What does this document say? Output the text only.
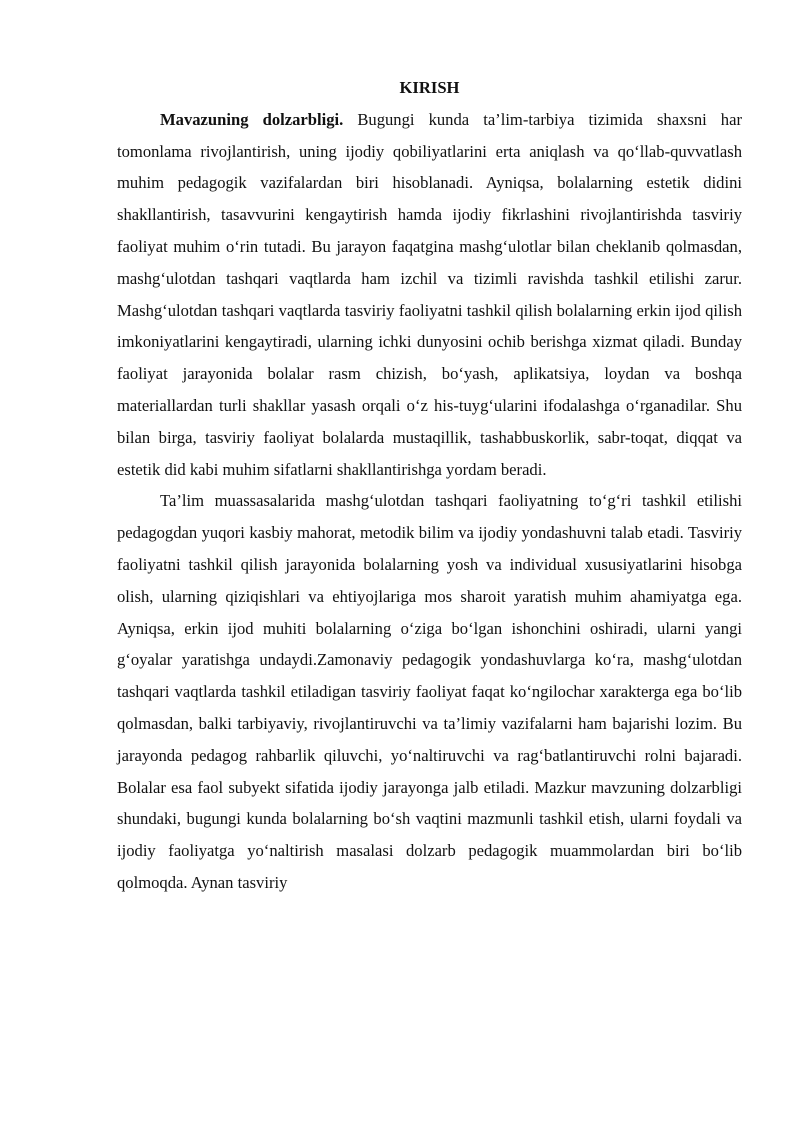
KIRISH

Mavazuning dolzarbligi. Bugungi kunda ta’lim-tarbiya tizimida shaxsni har tomonlama rivojlantirish, uning ijodiy qobiliyatlarini erta aniqlash va qo‘llab-quvvatlash muhim pedagogik vazifalardan biri hisoblanadi. Ayniqsa, bolalarning estetik didini shakllantirish, tasavvurini kengaytirish hamda ijodiy fikrlashini rivojlantirishda tasviriy faoliyat muhim o‘rin tutadi. Bu jarayon faqatgina mashg‘ulotlar bilan cheklanib qolmasdan, mashg‘ulotdan tashqari vaqtlarda ham izchil va tizimli ravishda tashkil etilishi zarur. Mashg‘ulotdan tashqari vaqtlarda tasviriy faoliyatni tashkil qilish bolalarning erkin ijod qilish imkoniyatlarini kengaytiradi, ularning ichki dunyosini ochib berishga xizmat qiladi. Bunday faoliyat jarayonida bolalar rasm chizish, bo‘yash, aplikatsiya, loydan va boshqa materiallardan turli shakllar yasash orqali o‘z his-tuyg‘ularini ifodalashga o‘rganadilar. Shu bilan birga, tasviriy faoliyat bolalarda mustaqillik, tashabbuskorlik, sabr-toqat, diqqat va estetik did kabi muhim sifatlarni shakllantirishga yordam beradi.

Ta’lim muassasalarida mashg‘ulotdan tashqari faoliyatning to‘g‘ri tashkil etilishi pedagogdan yuqori kasbiy mahorat, metodik bilim va ijodiy yondashuvni talab etadi. Tasviriy faoliyatni tashkil qilish jarayonida bolalarning yosh va individual xususiyatlarini hisobga olish, ularning qiziqishlari va ehtiyojlariga mos sharoit yaratish muhim ahamiyatga ega. Ayniqsa, erkin ijod muhiti bolalarning o‘ziga bo‘lgan ishonchini oshiradi, ularni yangi g‘oyalar yaratishga undaydi.Zamonaviy pedagogik yondashuvlarga ko‘ra, mashg‘ulotdan tashqari vaqtlarda tashkil etiladigan tasviriy faoliyat faqat ko‘ngilochar xarakterga ega bo‘lib qolmasdan, balki tarbiyaviy, rivojlantiruvchi va ta’limiy vazifalarni ham bajarishi lozim. Bu jarayonda pedagog rahbarlik qiluvchi, yo‘naltiruvchi va rag‘batlantiruvchi rolni bajaradi. Bolalar esa faol subyekt sifatida ijodiy jarayonga jalb etiladi. Mazkur mavzuning dolzarbligi shundaki, bugungi kunda bolalarning bo‘sh vaqtini mazmunli tashkil etish, ularni foydali va ijodiy faoliyatga yo‘naltirish masalasi dolzarb pedagogik muammolardan biri bo‘lib qolmoqda. Aynan tasviriy
